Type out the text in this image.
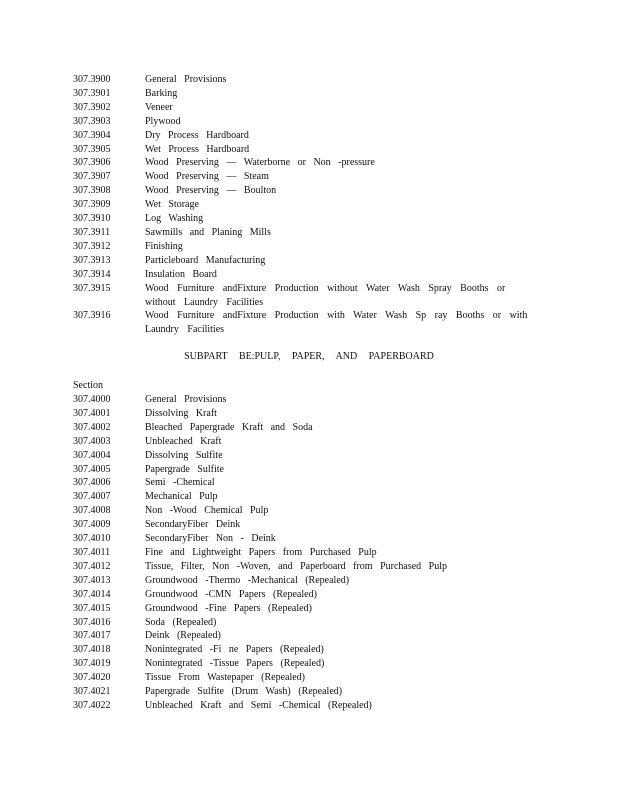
307.3900	General Provisions
307.3901	Barking
307.3902	Veneer
307.3903	Plywood
307.3904	Dry Process Hardboard
307.3905	Wet Process Hardboard
307.3906	Wood Preserving — Waterborne or Non -pressure
307.3907	Wood Preserving — Steam
307.3908	Wood Preserving — Boulton
307.3909	Wet Storage
307.3910	Log Washing
307.3911	Sawmills and Planing Mills
307.3912	Finishing
307.3913	Particleboard Manufacturing
307.3914	Insulation Board
307.3915	Wood Furniture andFixture Production without Water Wash Spray Booths or without Laundry Facilities
307.3916	Wood Furniture andFixture Production with Water Wash Sp ray Booths or with Laundry Facilities
SUBPART BE:PULP, PAPER, AND PAPERBOARD
Section
307.4000	General Provisions
307.4001	Dissolving Kraft
307.4002	Bleached Papergrade Kraft and Soda
307.4003	Unbleached Kraft
307.4004	Dissolving Sulfite
307.4005	Papergrade Sulfite
307.4006	Semi -Chemical
307.4007	Mechanical Pulp
307.4008	Non -Wood Chemical Pulp
307.4009	SecondaryFiber Deink
307.4010	SecondaryFiber Non - Deink
307.4011	Fine and Lightweight Papers from Purchased Pulp
307.4012	Tissue, Filter, Non -Woven, and Paperboard from Purchased Pulp
307.4013	Groundwood -Thermo -Mechanical (Repealed)
307.4014	Groundwood -CMN Papers (Repealed)
307.4015	Groundwood -Fine Papers (Repealed)
307.4016	Soda (Repealed)
307.4017	Deink (Repealed)
307.4018	Nonintegrated -Fi ne Papers (Repealed)
307.4019	Nonintegrated -Tissue Papers (Repealed)
307.4020	Tissue From Wastepaper (Repealed)
307.4021	Papergrade Sulfite (Drum Wash) (Repealed)
307.4022	Unbleached Kraft and Semi -Chemical (Repealed)
